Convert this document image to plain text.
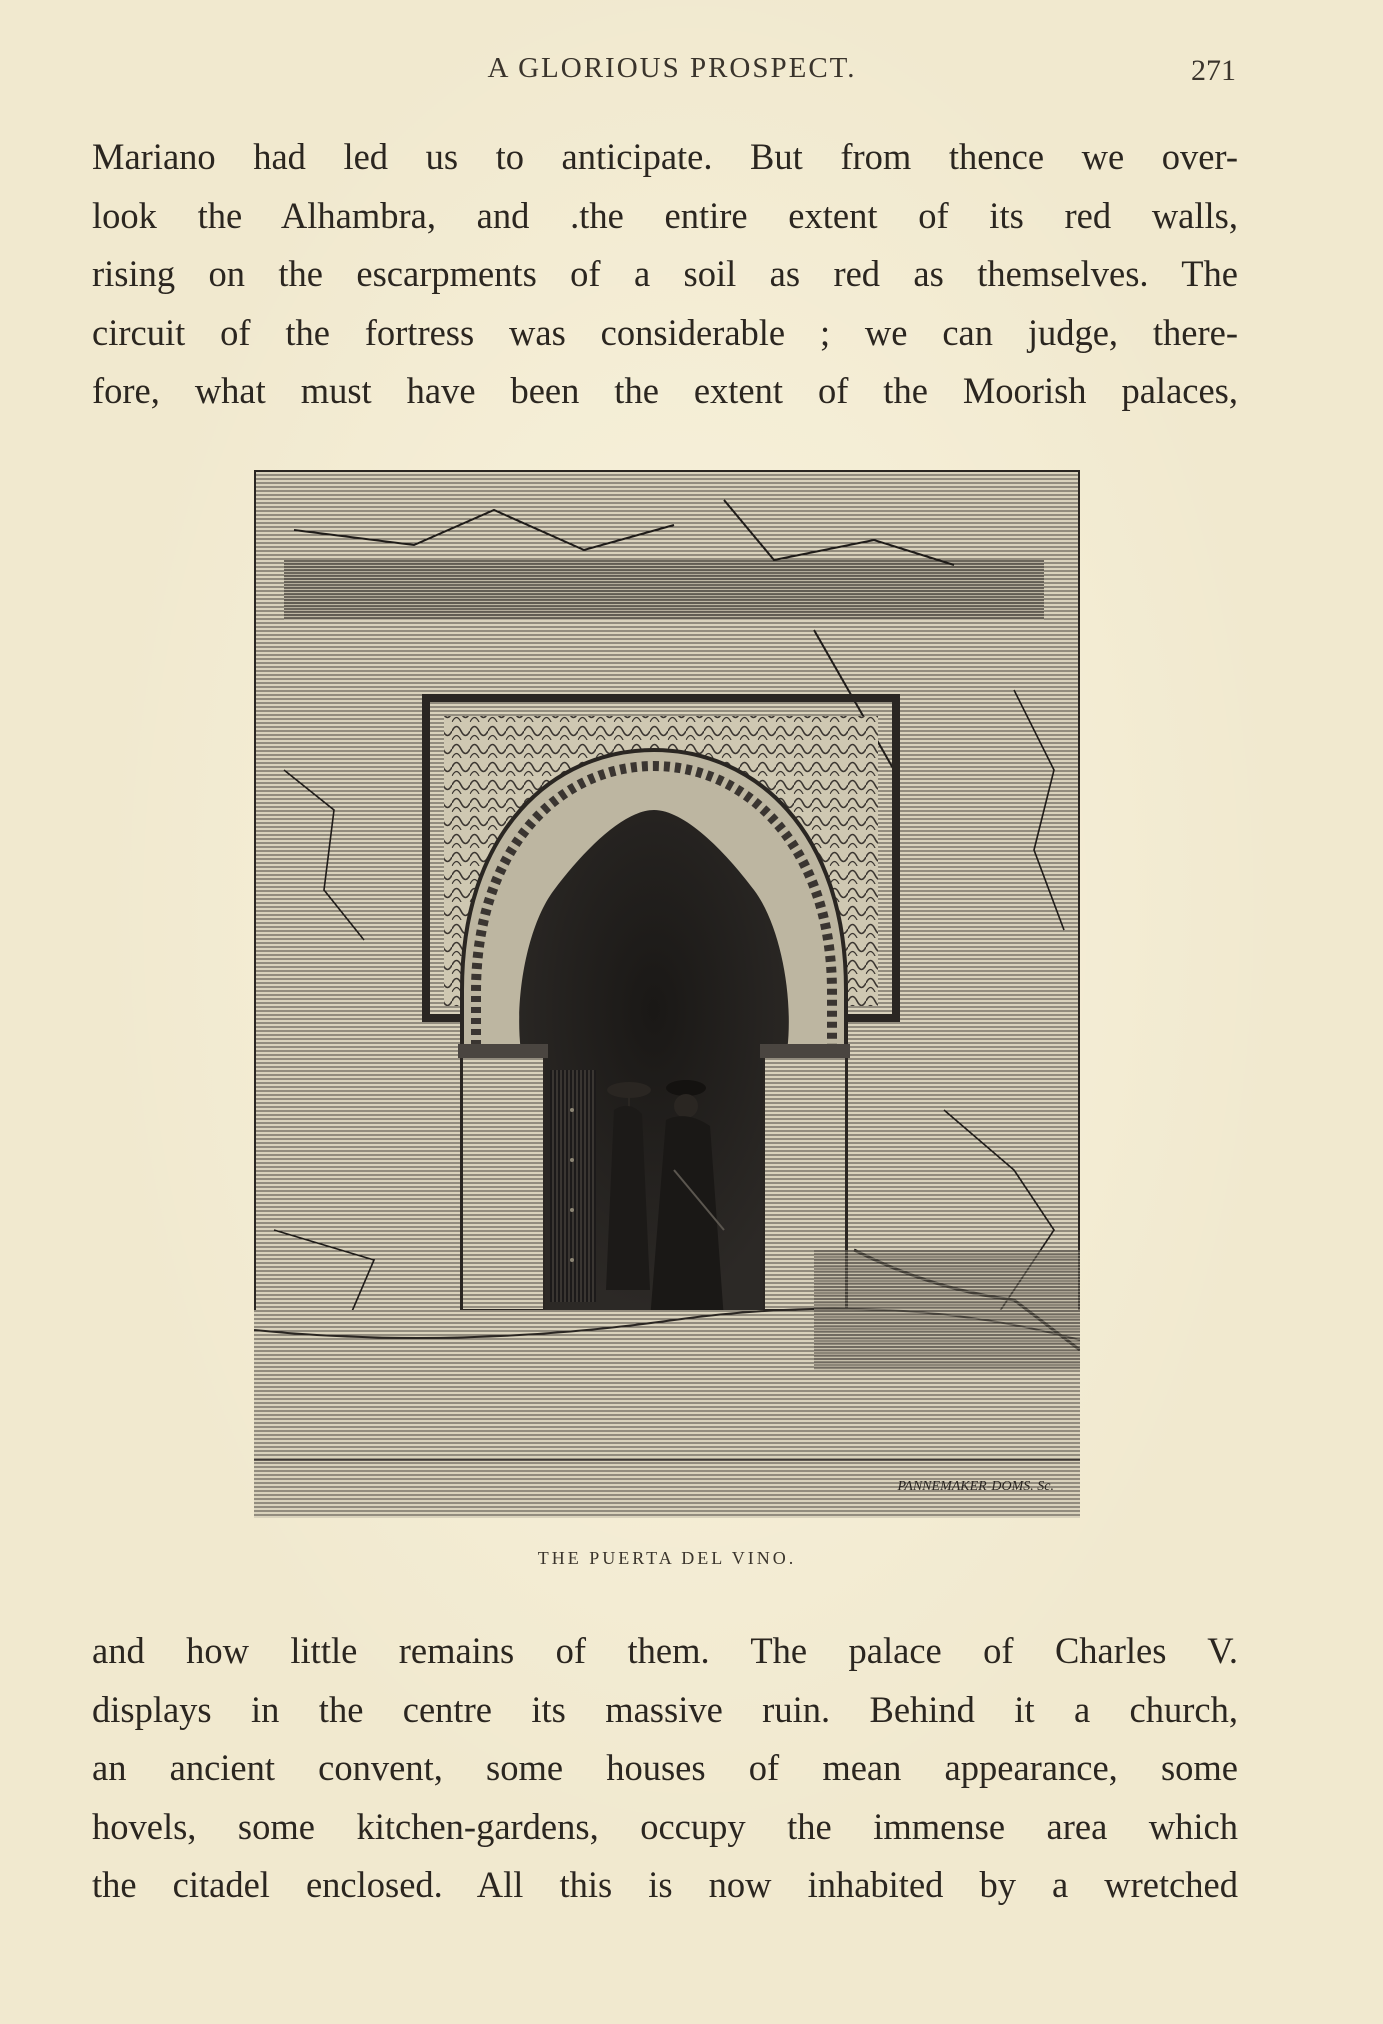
A GLORIOUS PROSPECT.	271
Mariano had led us to anticipate. But from thence we over-
look the Alhambra, and .the entire extent of its red walls,
rising on the escarpments of a soil as red as themselves. The
circuit of the fortress was considerable ; we can judge, there-
fore, what must have been the extent of the Moorish palaces,
PANNEMAKER-DOMS. Sc.
THE PUERTA DEL VINO.
and how little remains of them. The palace of Charles V.
displays in the centre its massive ruin. Behind it a church,
an ancient convent, some houses of mean appearance, some
hovels, some kitchen-gardens, occupy the immense area which
the citadel enclosed. All this is now inhabited by a wretched
